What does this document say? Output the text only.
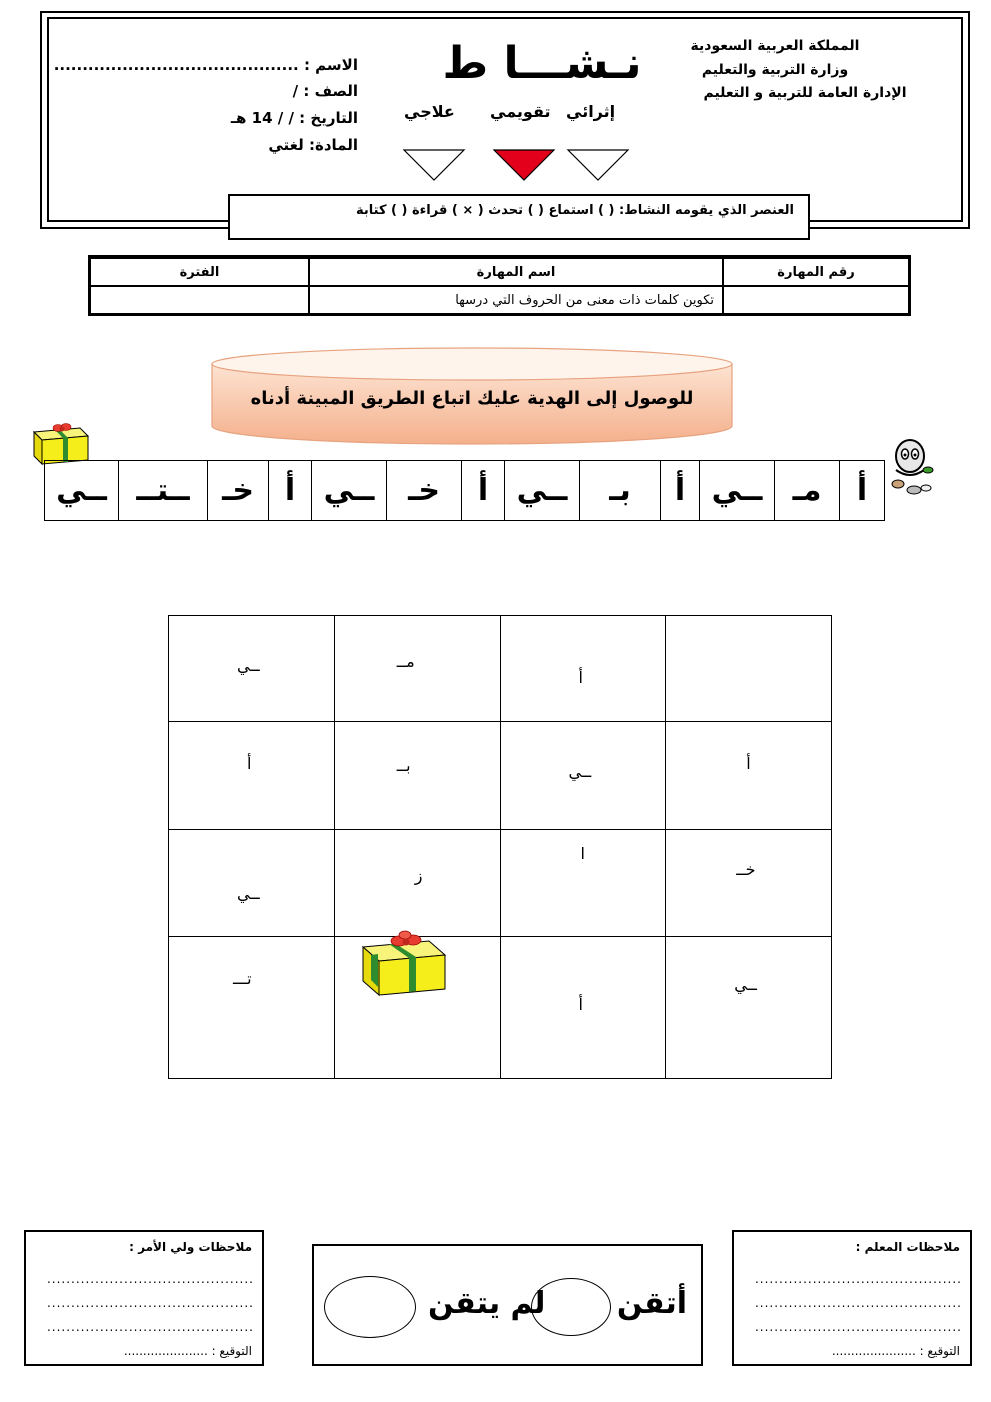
المملكة العربية السعودية
وزارة التربية والتعليم
الإدارة العامة للتربية و التعليم
نـشـــا ط
إثرائي
تقويمي
علاجي
الاسم : ...........................................
الصف : /
التاريخ : / / 14 هـ
المادة: لغتي
العنصر الذي يقومه النشاط: ( ) استماع ( ) تحدث ( ⨯ ) قراءة ( ) كتابة
رقم المهارة	اسم المهارة	الفترة
	تكوين كلمات ذات معنى من الحروف التي درسها	
للوصول إلى الهدية عليك اتباع الطريق المبينة أدناه
أ	مـ	ــي	أ	بـ	ــي	أ	خـ	ــي	أ	خـ	ــتــ	ــي
ــي	مــ	أ	

أ	بــ	ــي	أ

ــي	ز	ا	خــ

تـــ		أ	ــي
ملاحظات ولي الأمر :
...........................................
...........................................
...........................................
التوقيع : ......................
أتقن
لم يتقن
ملاحظات المعلم :
...........................................
...........................................
...........................................
التوقيع : ......................
